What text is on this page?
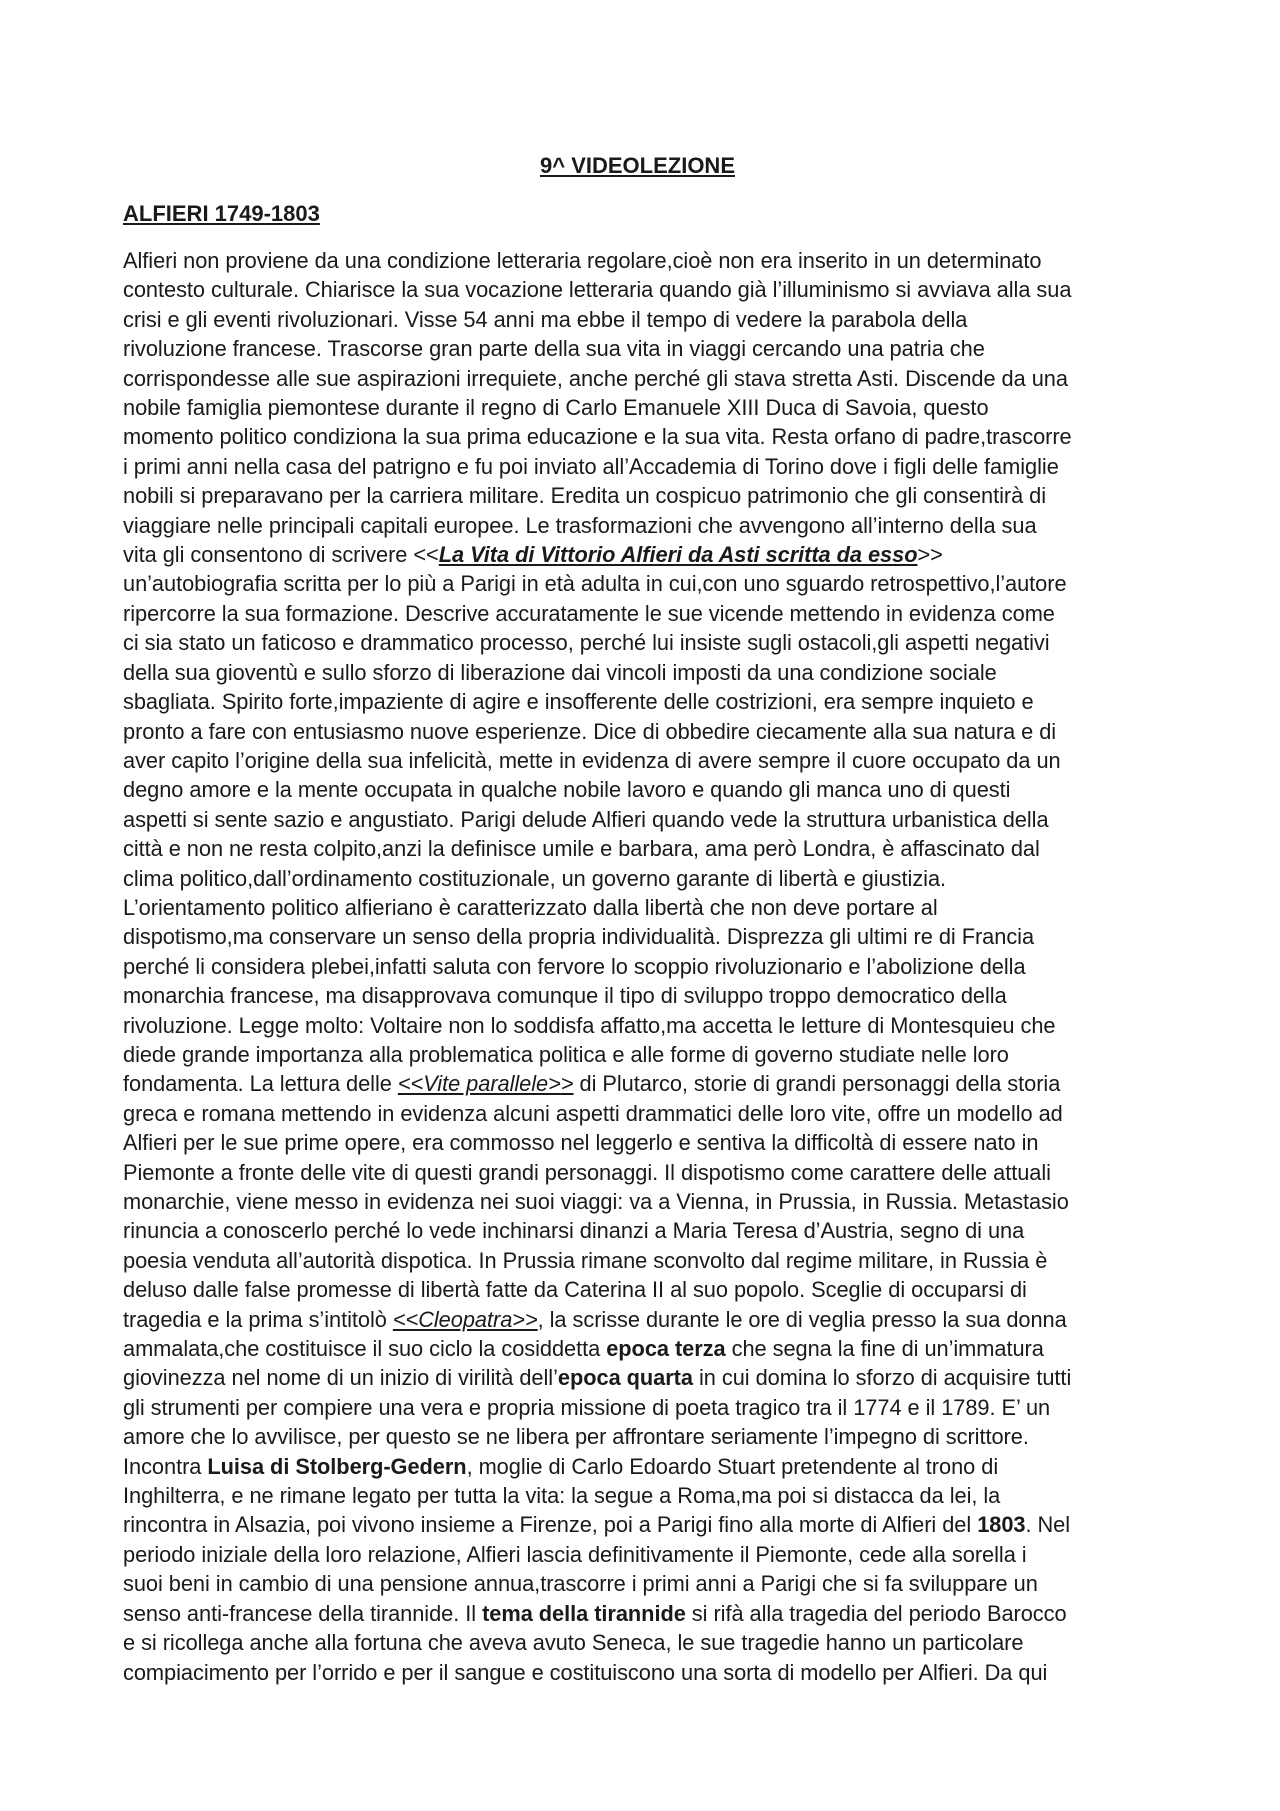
9^ VIDEOLEZIONE
ALFIERI 1749-1803
Alfieri non proviene da una condizione letteraria regolare,cioè non era inserito in un determinato
contesto culturale. Chiarisce la sua vocazione letteraria quando già l’illuminismo si avviava alla sua
crisi e gli eventi rivoluzionari. Visse 54 anni ma ebbe il tempo di vedere la parabola della
rivoluzione francese. Trascorse gran parte della sua vita in viaggi cercando una patria che
corrispondesse alle sue aspirazioni irrequiete, anche perché gli stava stretta Asti. Discende da una
nobile famiglia piemontese durante il regno di Carlo Emanuele XIII Duca di Savoia, questo
momento politico condiziona la sua prima educazione e la sua vita. Resta orfano di padre,trascorre
i primi anni nella casa del patrigno e fu poi inviato all’Accademia di Torino dove i figli delle famiglie
nobili si preparavano per la carriera militare. Eredita un cospicuo patrimonio che gli consentirà di
viaggiare nelle principali capitali europee. Le trasformazioni che avvengono all’interno della sua
vita gli consentono di scrivere <<La Vita di Vittorio Alfieri da Asti scritta da esso>>
un’autobiografia scritta per lo più a Parigi in età adulta in cui,con uno sguardo retrospettivo,l’autore
ripercorre la sua formazione. Descrive accuratamente le sue vicende mettendo in evidenza come
ci sia stato un faticoso e drammatico processo, perché lui insiste sugli ostacoli,gli aspetti negativi
della sua gioventù e sullo sforzo di liberazione dai vincoli imposti da una condizione sociale
sbagliata. Spirito forte,impaziente di agire e insofferente delle costrizioni, era sempre inquieto e
pronto a fare con entusiasmo nuove esperienze. Dice di obbedire ciecamente alla sua natura e di
aver capito l’origine della sua infelicità, mette in evidenza di avere sempre il cuore occupato da un
degno amore e la mente occupata in qualche nobile lavoro e quando gli manca uno di questi
aspetti si sente sazio e angustiato. Parigi delude Alfieri quando vede la struttura urbanistica della
città e non ne resta colpito,anzi la definisce umile e barbara, ama però Londra, è affascinato dal
clima politico,dall’ordinamento costituzionale, un governo garante di libertà e giustizia.
L’orientamento politico alfieriano è caratterizzato dalla libertà che non deve portare al
dispotismo,ma conservare un senso della propria individualità. Disprezza gli ultimi re di Francia
perché li considera plebei,infatti saluta con fervore lo scoppio rivoluzionario e l’abolizione della
monarchia francese, ma disapprovava comunque il tipo di sviluppo troppo democratico della
rivoluzione. Legge molto: Voltaire non lo soddisfa affatto,ma accetta le letture di Montesquieu che
diede grande importanza alla problematica politica e alle forme di governo studiate nelle loro
fondamenta. La lettura delle <<Vite parallele>> di Plutarco, storie di grandi personaggi della storia
greca e romana mettendo in evidenza alcuni aspetti drammatici delle loro vite, offre un modello ad
Alfieri per le sue prime opere, era commosso nel leggerlo e sentiva la difficoltà di essere nato in
Piemonte a fronte delle vite di questi grandi personaggi. Il dispotismo come carattere delle attuali
monarchie, viene messo in evidenza nei suoi viaggi: va a Vienna, in Prussia, in Russia. Metastasio
rinuncia a conoscerlo perché lo vede inchinarsi dinanzi a Maria Teresa d’Austria, segno di una
poesia venduta all’autorità dispotica. In Prussia rimane sconvolto dal regime militare, in Russia è
deluso dalle false promesse di libertà fatte da Caterina II al suo popolo. Sceglie di occuparsi di
tragedia e la prima s’intitolò <<Cleopatra>>, la scrisse durante le ore di veglia presso la sua donna
ammalata,che costituisce il suo ciclo la cosiddetta epoca terza che segna la fine di un’immatura
giovinezza nel nome di un inizio di virilità dell’epoca quarta in cui domina lo sforzo di acquisire tutti
gli strumenti per compiere una vera e propria missione di poeta tragico tra il 1774 e il 1789. E’ un
amore che lo avvilisce, per questo se ne libera per affrontare seriamente l’impegno di scrittore.
Incontra Luisa di Stolberg-Gedern, moglie di Carlo Edoardo Stuart pretendente al trono di
Inghilterra, e ne rimane legato per tutta la vita: la segue a Roma,ma poi si distacca da lei, la
rincontra in Alsazia, poi vivono insieme a Firenze, poi a Parigi fino alla morte di Alfieri del 1803. Nel
periodo iniziale della loro relazione, Alfieri lascia definitivamente il Piemonte, cede alla sorella i
suoi beni in cambio di una pensione annua,trascorre i primi anni a Parigi che si fa sviluppare un
senso anti-francese della tirannide. Il tema della tirannide si rifà alla tragedia del periodo Barocco
e si ricollega anche alla fortuna che aveva avuto Seneca, le sue tragedie hanno un particolare
compiacimento per l’orrido e per il sangue e costituiscono una sorta di modello per Alfieri. Da qui
